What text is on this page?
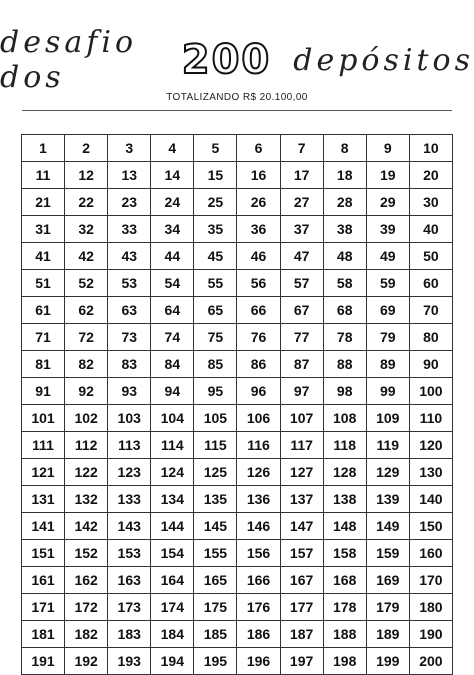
desafio dos	200 depósitos
TOTALIZANDO R$ 20.100,00
1	2	3	4	5	6	7	8	9	10
11	12	13	14	15	16	17	18	19	20
21	22	23	24	25	26	27	28	29	30
31	32	33	34	35	36	37	38	39	40
41	42	43	44	45	46	47	48	49	50
51	52	53	54	55	56	57	58	59	60
61	62	63	64	65	66	67	68	69	70
71	72	73	74	75	76	77	78	79	80
81	82	83	84	85	86	87	88	89	90
91	92	93	94	95	96	97	98	99	100
101	102	103	104	105	106	107	108	109	110
111	112	113	114	115	116	117	118	119	120
121	122	123	124	125	126	127	128	129	130
131	132	133	134	135	136	137	138	139	140
141	142	143	144	145	146	147	148	149	150
151	152	153	154	155	156	157	158	159	160
161	162	163	164	165	166	167	168	169	170
171	172	173	174	175	176	177	178	179	180
181	182	183	184	185	186	187	188	189	190
191	192	193	194	195	196	197	198	199	200
